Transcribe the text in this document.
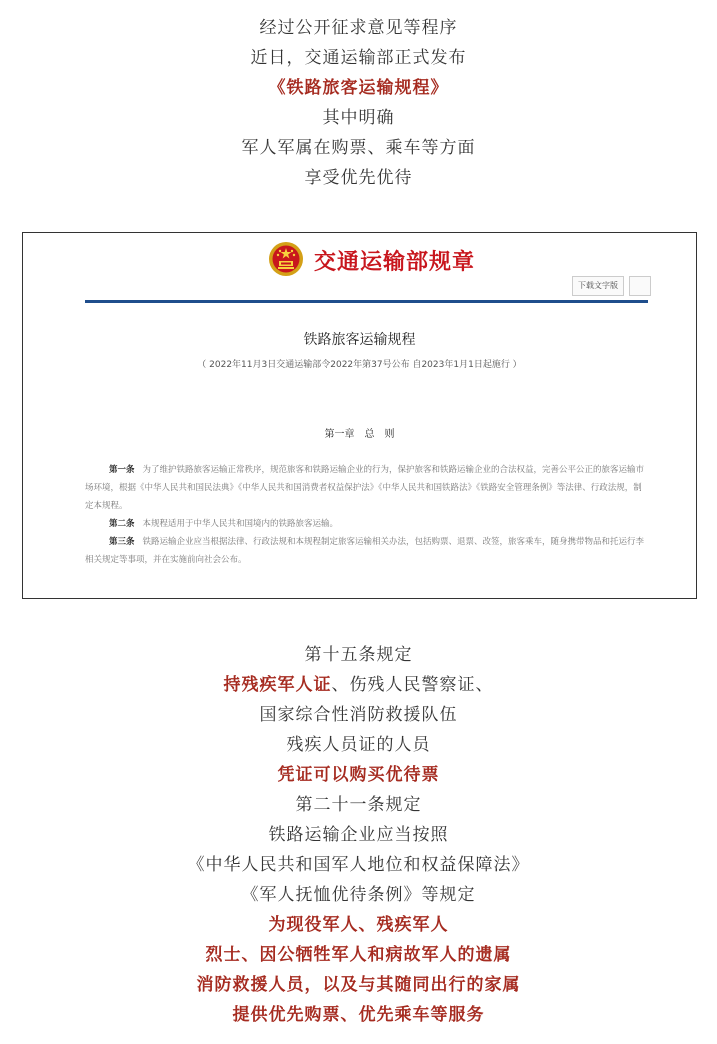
经过公开征求意见等程序
近日，交通运输部正式发布
《铁路旅客运输规程》
其中明确
军人军属在购票、乘车等方面
享受优先优待
交通运输部规章
下载文字版
铁路旅客运输规程
（ 2022年11月3日交通运输部令2022年第37号公布 自2023年1月1日起施行 ）
第一章　总　则

第一条 为了维护铁路旅客运输正常秩序，规范旅客和铁路运输企业的行为，保护旅客和铁路运输企业的合法权益，完善公平公正的旅客运输市场环境，根据《中华人民共和国民法典》《中华人民共和国消费者权益保护法》《中华人民共和国铁路法》《铁路安全管理条例》等法律、行政法规，制定本规程。

第二条 本规程适用于中华人民共和国境内的铁路旅客运输。

第三条 铁路运输企业应当根据法律、行政法规和本规程制定旅客运输相关办法，包括购票、退票、改签，旅客乘车，随身携带物品和托运行李相关规定等事项，并在实施前向社会公布。

第十五条规定
持残疾军人证、伤残人民警察证、
国家综合性消防救援队伍
残疾人员证的人员
凭证可以购买优待票
第二十一条规定
铁路运输企业应当按照
《中华人民共和国军人地位和权益保障法》
《军人抚恤优待条例》等规定
为现役军人、残疾军人
烈士、因公牺牲军人和病故军人的遗属
消防救援人员，以及与其随同出行的家属
提供优先购票、优先乘车等服务
